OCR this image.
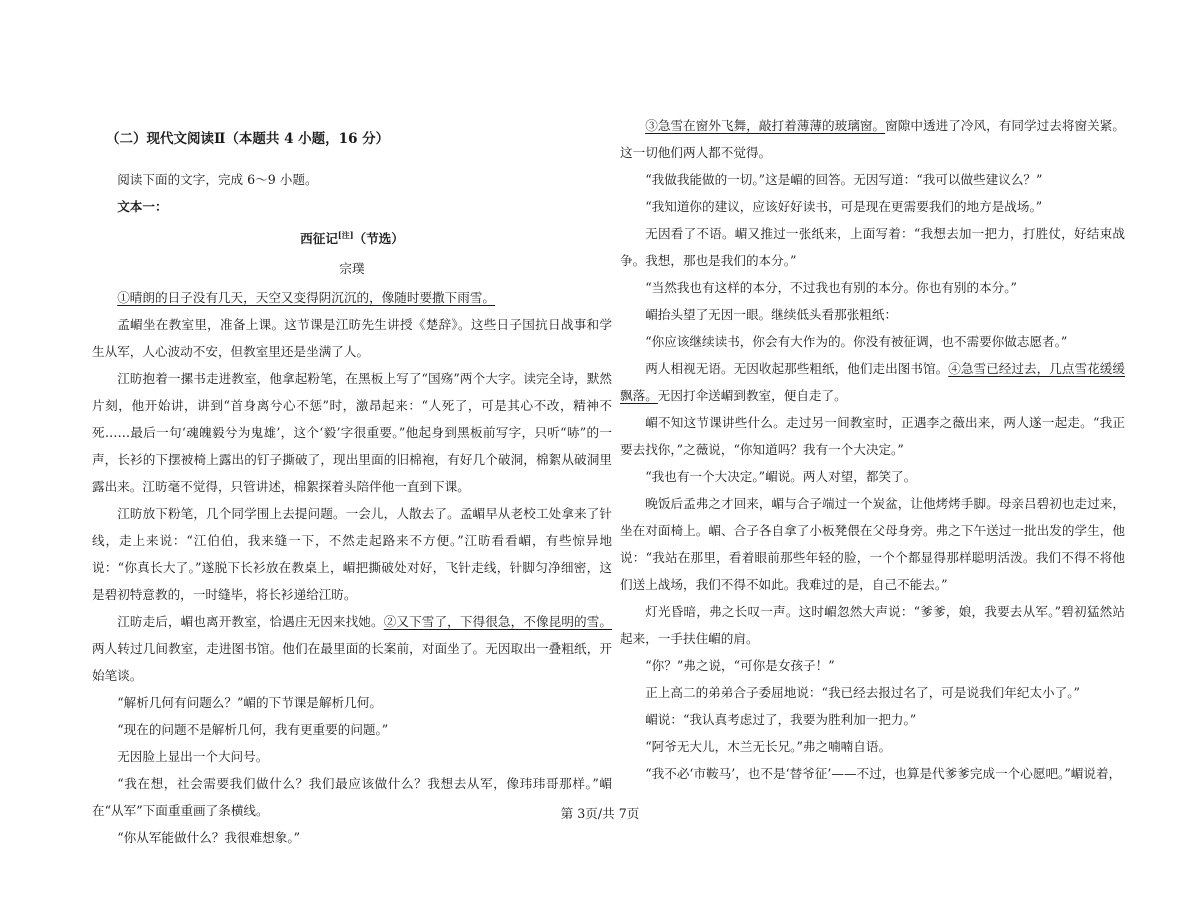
（二）现代文阅读Ⅱ（本题共 4 小题，16 分）

阅读下面的文字，完成 6～9 小题。

文本一：

西征记[注]（节选）

宗璞

①晴朗的日子没有几天，天空又变得阴沉沉的，像随时要撒下雨雪。

孟嵋坐在教室里，准备上课。这节课是江昉先生讲授《楚辞》。这些日子国抗日战事和学生从军，人心波动不安，但教室里还是坐满了人。

江昉抱着一摞书走进教室，他拿起粉笔，在黑板上写了“国殇”两个大字。读完全诗，默然片刻，他开始讲，讲到“首身离兮心不惩”时，激昂起来：“人死了，可是其心不改，精神不死……最后一句‘魂魄毅兮为鬼雄’，这个‘毅’字很重要。”他起身到黑板前写字，只听“哧”的一声，长衫的下摆被椅上露出的钉子撕破了，现出里面的旧棉袍，有好几个破洞，棉絮从破洞里露出来。江昉毫不觉得，只管讲述，棉絮探着头陪伴他一直到下课。

江昉放下粉笔，几个同学围上去提问题。一会儿，人散去了。孟嵋早从老校工处拿来了针线，走上来说：“江伯伯，我来缝一下，不然走起路来不方便。”江昉看看嵋，有些惊异地说：“你真长大了。”遂脱下长衫放在教桌上，嵋把撕破处对好，飞针走线，针脚匀净细密，这是碧初特意教的，一时缝毕，将长衫递给江昉。

江昉走后，嵋也离开教室，恰遇庄无因来找她。②又下雪了，下得很急，不像昆明的雪。两人转过几间教室，走进图书馆。他们在最里面的长案前，对面坐了。无因取出一叠粗纸，开始笔谈。

“解析几何有问题么？”嵋的下节课是解析几何。

“现在的问题不是解析几何，我有更重要的问题。”

无因脸上显出一个大问号。

“我在想，社会需要我们做什么？我们最应该做什么？我想去从军，像玮玮哥那样。”嵋在“从军”下面重重画了条横线。

“你从军能做什么？我很难想象。”

③急雪在窗外飞舞，敲打着薄薄的玻璃窗。窗隙中透进了冷风，有同学过去将窗关紧。这一切他们两人都不觉得。

“我做我能做的一切。”这是嵋的回答。无因写道：“我可以做些建议么？”

“我知道你的建议，应该好好读书，可是现在更需要我们的地方是战场。”

无因看了不语。嵋又推过一张纸来，上面写着：“我想去加一把力，打胜仗，好结束战争。我想，那也是我们的本分。”

“当然我也有这样的本分，不过我也有别的本分。你也有别的本分。”

嵋抬头望了无因一眼。继续低头看那张粗纸：

“你应该继续读书，你会有大作为的。你没有被征调，也不需要你做志愿者。”

两人相视无语。无因收起那些粗纸，他们走出图书馆。④急雪已经过去，几点雪花缓缓飘落。无因打伞送嵋到教室，便自走了。

嵋不知这节课讲些什么。走过另一间教室时，正遇李之薇出来，两人遂一起走。“我正要去找你，”之薇说，“你知道吗？我有一个大决定。”

“我也有一个大决定。”嵋说。两人对望，都笑了。

晚饭后孟弗之才回来，嵋与合子端过一个炭盆，让他烤烤手脚。母亲吕碧初也走过来，坐在对面椅上。嵋、合子各自拿了小板凳偎在父母身旁。弗之下午送过一批出发的学生，他说：“我站在那里，看着眼前那些年轻的脸，一个个都显得那样聪明活泼。我们不得不将他们送上战场，我们不得不如此。我难过的是，自己不能去。”

灯光昏暗，弗之长叹一声。这时嵋忽然大声说：“爹爹，娘，我要去从军。”碧初猛然站起来，一手扶住嵋的肩。

“你？”弗之说，“可你是女孩子！”

正上高二的弟弟合子委屈地说：“我已经去报过名了，可是说我们年纪太小了。”

嵋说：“我认真考虑过了，我要为胜利加一把力。”

“阿爷无大儿，木兰无长兄。”弗之喃喃自语。

“我不必‘市鞍马’，也不是‘替爷征’——不过，也算是代爹爹完成一个心愿吧。”嵋说着，

第 3页/共 7页
